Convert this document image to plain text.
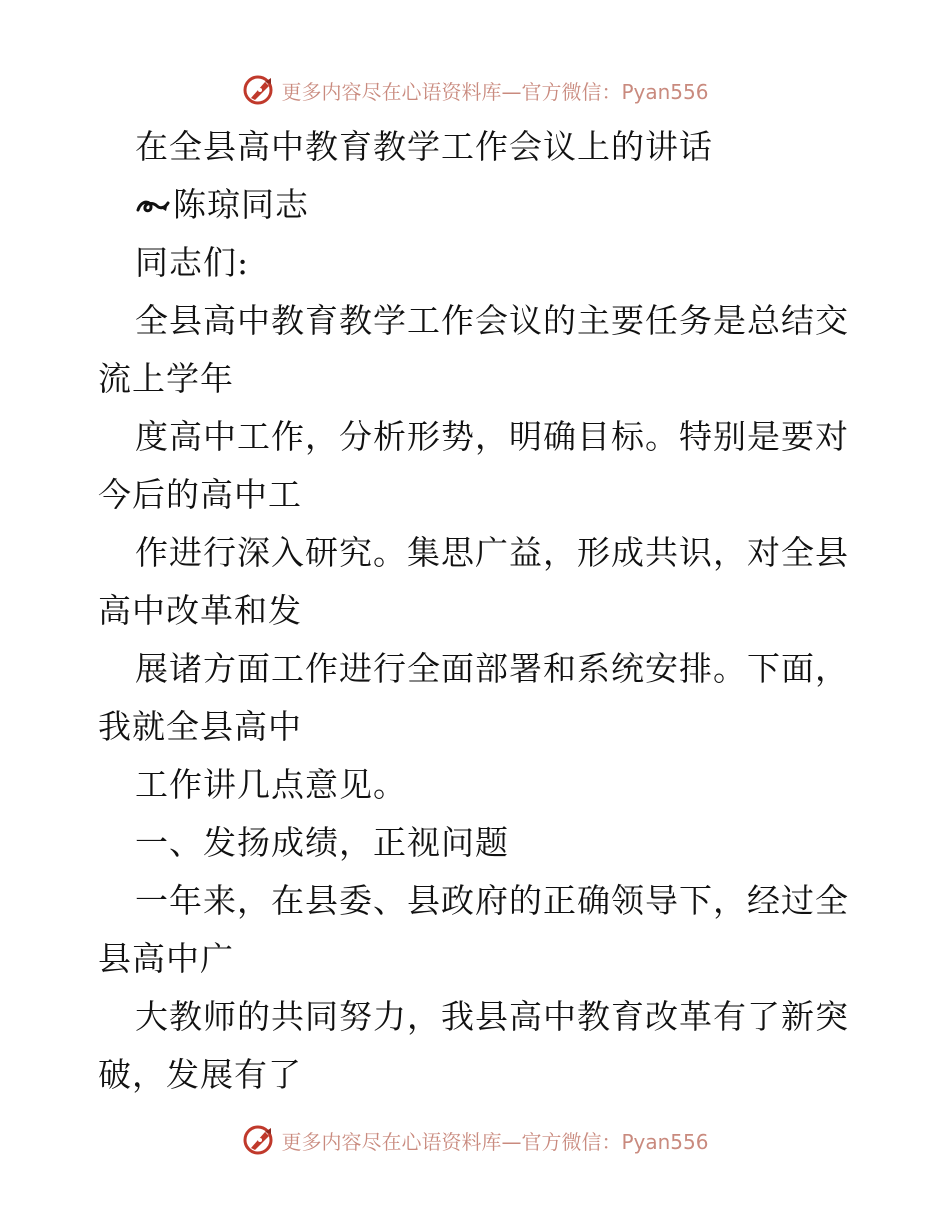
更多内容尽在心语资料库—官方微信：Pyan556
在全县高中教育教学工作会议上的讲话
陈琼同志
同志们:
全县高中教育教学工作会议的主要任务是总结交
流上学年
度高中工作，分析形势，明确目标。特别是要对
今后的高中工
作进行深入研究。集思广益，形成共识，对全县
高中改革和发
展诸方面工作进行全面部署和系统安排。下面，
我就全县高中
工作讲几点意见。
一、发扬成绩，正视问题
一年来，在县委、县政府的正确领导下，经过全
县高中广
大教师的共同努力，我县高中教育改革有了新突
破，发展有了
更多内容尽在心语资料库—官方微信：Pyan556
